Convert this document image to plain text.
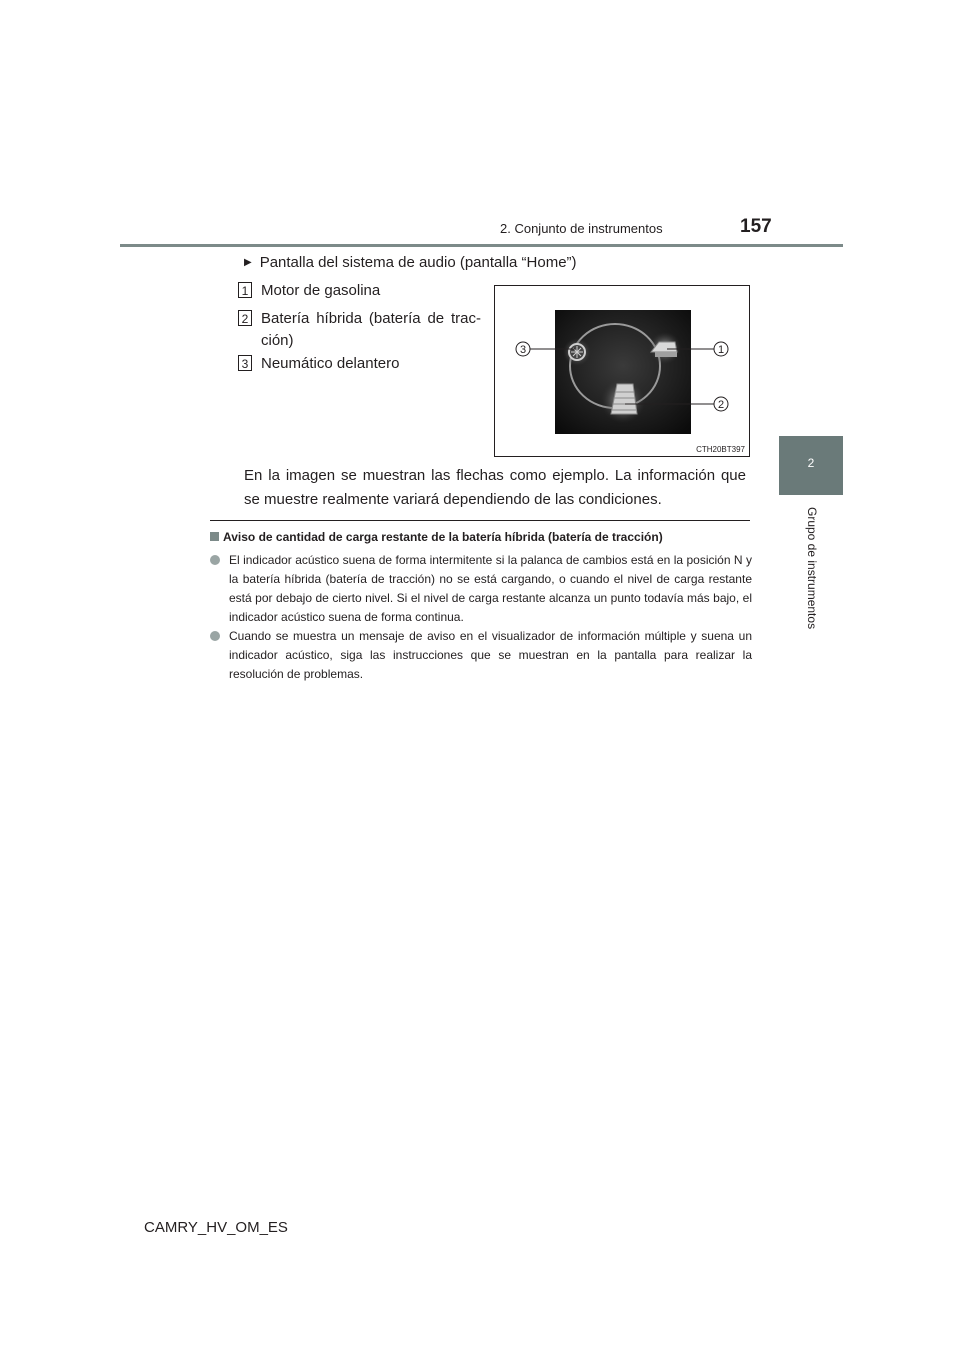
2. Conjunto de instrumentos	157
2
Grupo de instrumentos
▶ Pantalla del sistema de audio (pantalla “Home”)
1 Motor de gasolina
2 Batería híbrida (batería de trac-ción)
3 Neumático delantero
3	1
2
CTH20BT397
En la imagen se muestran las flechas como ejemplo. La información que se muestre realmente variará dependiendo de las condiciones.
Aviso de cantidad de carga restante de la batería híbrida (batería de tracción)
El indicador acústico suena de forma intermitente si la palanca de cambios está en la posición N y la batería híbrida (batería de tracción) no se está cargando, o cuando el nivel de carga restante está por debajo de cierto nivel. Si el nivel de carga restante alcanza un punto todavía más bajo, el indicador acústico suena de forma continua.
Cuando se muestra un mensaje de aviso en el visualizador de información múltiple y suena un indicador acústico, siga las instrucciones que se muestran en la pantalla para realizar la resolución de problemas.
CAMRY_HV_OM_ES
